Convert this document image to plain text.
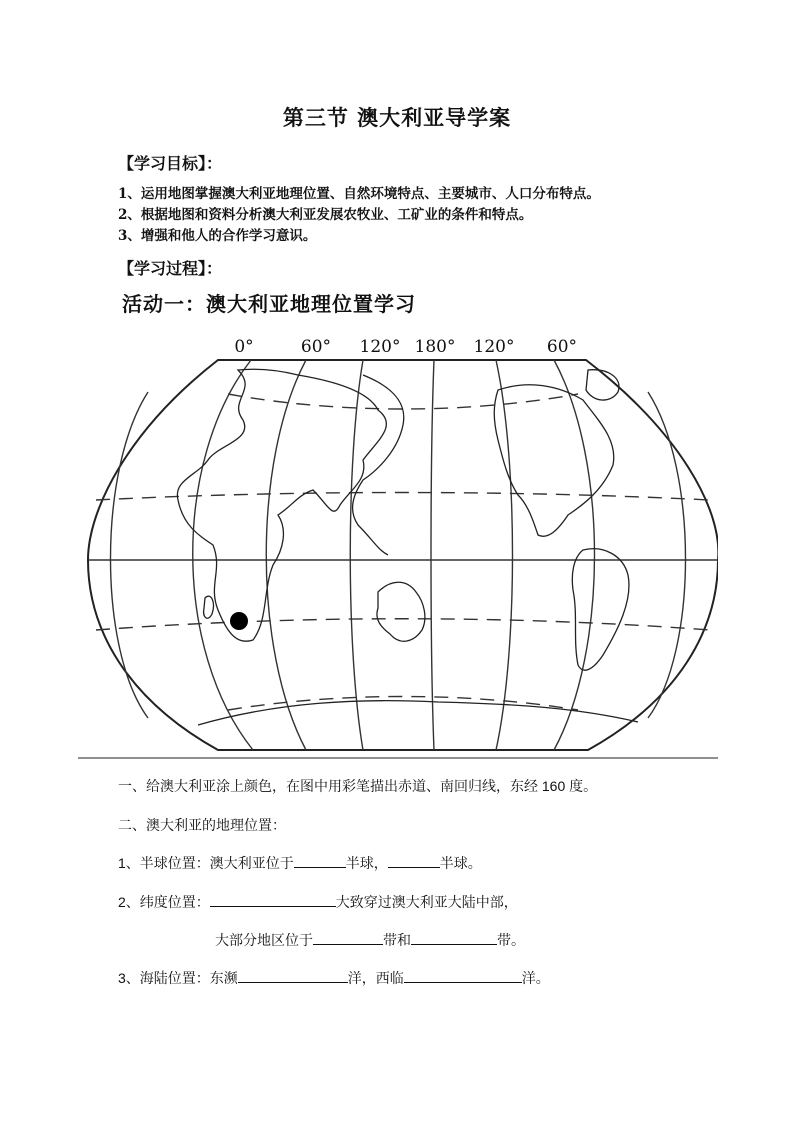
第三节 澳大利亚导学案
【学习目标】：
1、运用地图掌握澳大利亚地理位置、自然环境特点、主要城市、人口分布特点。
2、根据地图和资料分析澳大利亚发展农牧业、工矿业的条件和特点。
3、增强和他人的合作学习意识。
【学习过程】：
活动一：澳大利亚地理位置学习
0°	60° 120° 180° 120° 60°
一、给澳大利亚涂上颜色，在图中用彩笔描出赤道、南回归线，东经 160 度。
二、澳大利亚的地理位置：
1、半球位置：澳大利亚位于	半球，	半球。
2、纬度位置：	大致穿过澳大利亚大陆中部，
大部分地区位于	带和	带。
3、海陆位置：东濒	洋，西临	洋。
